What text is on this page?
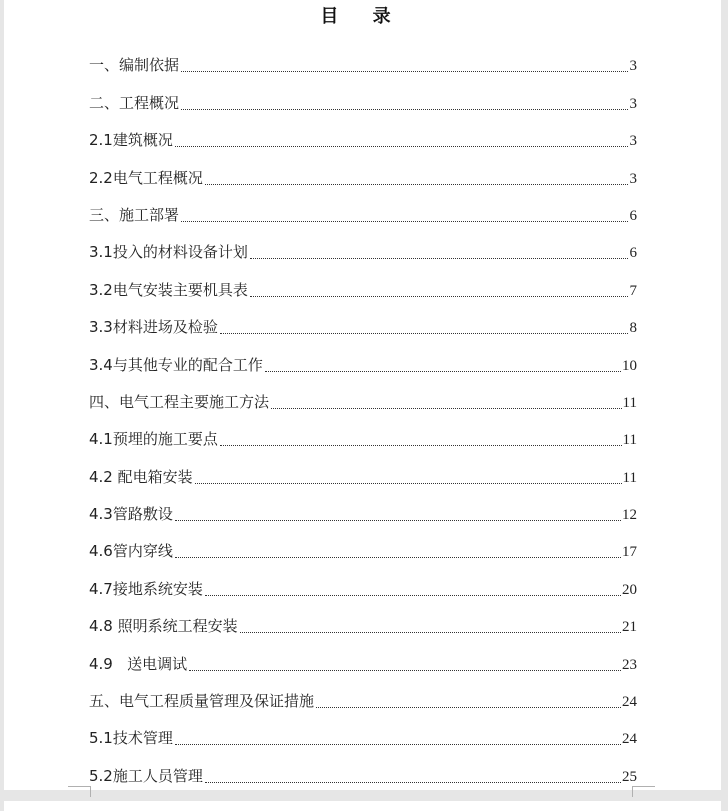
目 录
一、编制依据	3
二、工程概况	3
2.1建筑概况	3
2.2电气工程概况	3
三、施工部署	6
3.1投入的材料设备计划	6
3.2电气安装主要机具表	7
3.3材料进场及检验	8
3.4与其他专业的配合工作	10
四、电气工程主要施工方法	11
4.1预埋的施工要点	11
4.2 配电箱安装	11
4.3管路敷设	12
4.6管内穿线	17
4.7接地系统安装	20
4.8 照明系统工程安装	21
4.9   送电调试	23
五、电气工程质量管理及保证措施	24
5.1技术管理	24
5.2施工人员管理	25
